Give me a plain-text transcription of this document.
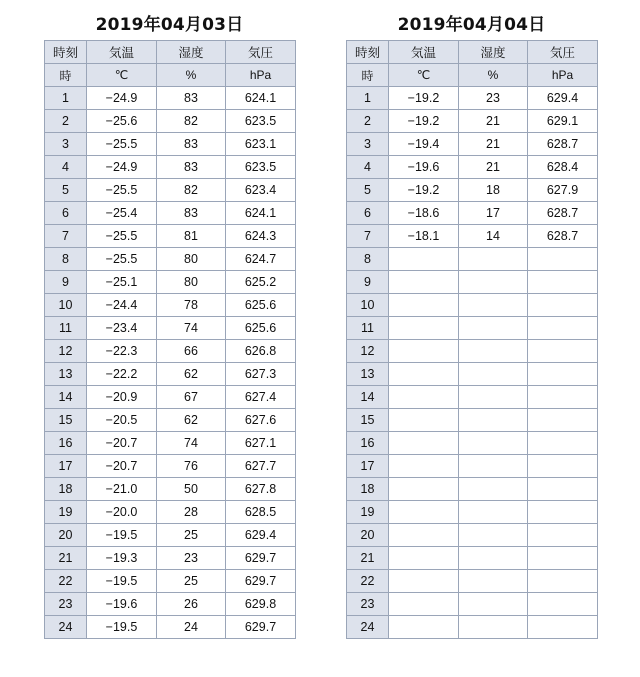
2019年04月03日
時刻	気温	湿度	気圧
時	℃	%	hPa
1	−24.9	83	624.1
2	−25.6	82	623.5
3	−25.5	83	623.1
4	−24.9	83	623.5
5	−25.5	82	623.4
6	−25.4	83	624.1
7	−25.5	81	624.3
8	−25.5	80	624.7
9	−25.1	80	625.2
10	−24.4	78	625.6
11	−23.4	74	625.6
12	−22.3	66	626.8
13	−22.2	62	627.3
14	−20.9	67	627.4
15	−20.5	62	627.6
16	−20.7	74	627.1
17	−20.7	76	627.7
18	−21.0	50	627.8
19	−20.0	28	628.5
20	−19.5	25	629.4
21	−19.3	23	629.7
22	−19.5	25	629.7
23	−19.6	26	629.8
24	−19.5	24	629.7
2019年04月04日
時刻	気温	湿度	気圧
時	℃	%	hPa
1	−19.2	23	629.4
2	−19.2	21	629.1
3	−19.4	21	628.7
4	−19.6	21	628.4
5	−19.2	18	627.9
6	−18.6	17	628.7
7	−18.1	14	628.7
8			
9			
10			
11			
12			
13			
14			
15			
16			
17			
18			
19			
20			
21			
22			
23			
24			
